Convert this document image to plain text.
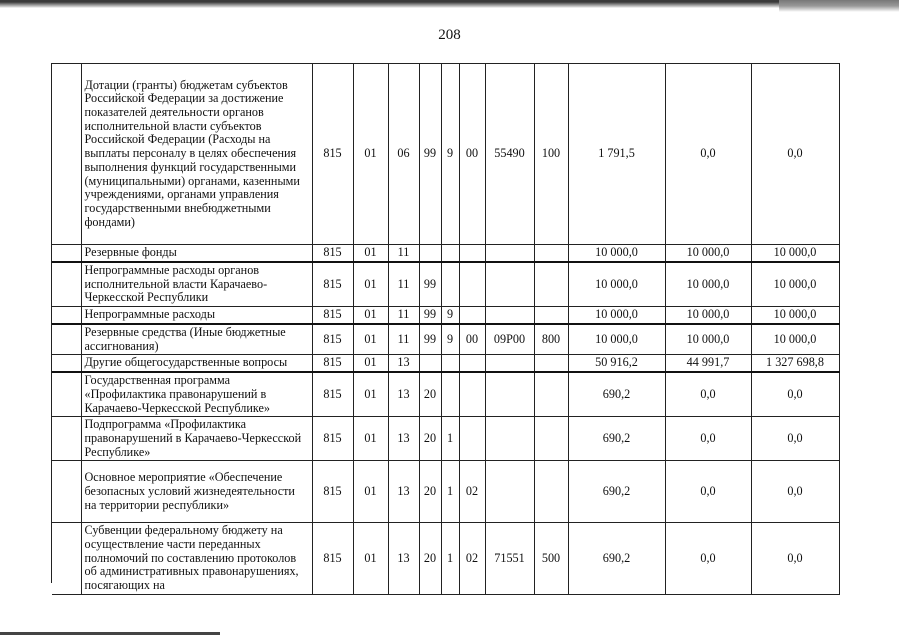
208
	Дотации (гранты) бюджетам субъектов Российской Федерации за достижение показателей деятельности органов исполнительной власти субъектов Российской Федерации (Расходы на выплаты персоналу в целях обеспечения выполнения функций государственными (муниципальными) органами, казенными учреждениями, органами управления государственными внебюджетными фондами)	815	01	06	99	9	00	55490	100	1 791,5	0,0	0,0
	Резервные фонды	815	01	11						10 000,0	10 000,0	10 000,0
	Непрограммные расходы органов исполнительной власти Карачаево-Черкесской Республики	815	01	11	99					10 000,0	10 000,0	10 000,0
	Непрограммные расходы	815	01	11	99	9				10 000,0	10 000,0	10 000,0
	Резервные средства (Иные бюджетные ассигнования)	815	01	11	99	9	00	09Р00	800	10 000,0	10 000,0	10 000,0
	Другие общегосударственные вопросы	815	01	13						50 916,2	44 991,7	1 327 698,8
	Государственная программа «Профилактика правонарушений в Карачаево-Черкесской Республике»	815	01	13	20					690,2	0,0	0,0
	Подпрограмма «Профилактика правонарушений в Карачаево-Черкесской Республике»	815	01	13	20	1				690,2	0,0	0,0
	Основное мероприятие «Обеспечение безопасных условий жизнедеятельности на территории республики»	815	01	13	20	1	02			690,2	0,0	0,0
	Субвенции федеральному бюджету на осуществление части переданных полномочий по составлению протоколов об административных правонарушениях, посягающих на	815	01	13	20	1	02	71551	500	690,2	0,0	0,0
